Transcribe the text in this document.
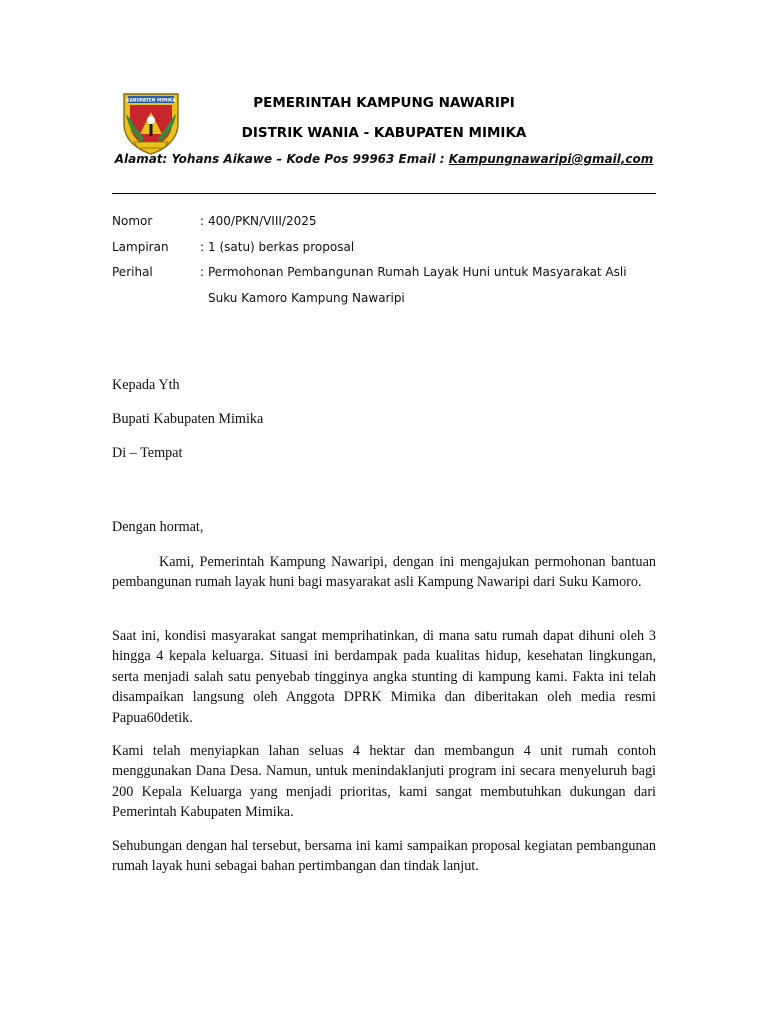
KABUPATEN MIMIKA	PEMERINTAH KAMPUNG NAWARIPI

DISTRIK WANIA - KABUPATEN MIMIKA

Alamat: Yohans Aikawe – Kode Pos 99963 Email : Kampungnawaripi@gmail,com
Nomor	: 400/PKN/VIII/2025
Lampiran	: 1 (satu) berkas proposal
Perihal	: Permohonan Pembangunan Rumah Layak Huni untuk Masyarakat Asli
Suku Kamoro Kampung Nawaripi

Kepada Yth

Bupati Kabupaten Mimika

Di – Tempat

Dengan hormat,

Kami, Pemerintah Kampung Nawaripi, dengan ini mengajukan permohonan bantuan pembangunan rumah layak huni bagi masyarakat asli Kampung Nawaripi dari Suku Kamoro.

Saat ini, kondisi masyarakat sangat memprihatinkan, di mana satu rumah dapat dihuni oleh 3 hingga 4 kepala keluarga. Situasi ini berdampak pada kualitas hidup, kesehatan lingkungan, serta menjadi salah satu penyebab tingginya angka stunting di kampung kami. Fakta ini telah disampaikan langsung oleh Anggota DPRK Mimika dan diberitakan oleh media resmi Papua60detik.

Kami telah menyiapkan lahan seluas 4 hektar dan membangun 4 unit rumah contoh menggunakan Dana Desa. Namun, untuk menindaklanjuti program ini secara menyeluruh bagi 200 Kepala Keluarga yang menjadi prioritas, kami sangat membutuhkan dukungan dari Pemerintah Kabupaten Mimika.

Sehubungan dengan hal tersebut, bersama ini kami sampaikan proposal kegiatan pembangunan rumah layak huni sebagai bahan pertimbangan dan tindak lanjut.
